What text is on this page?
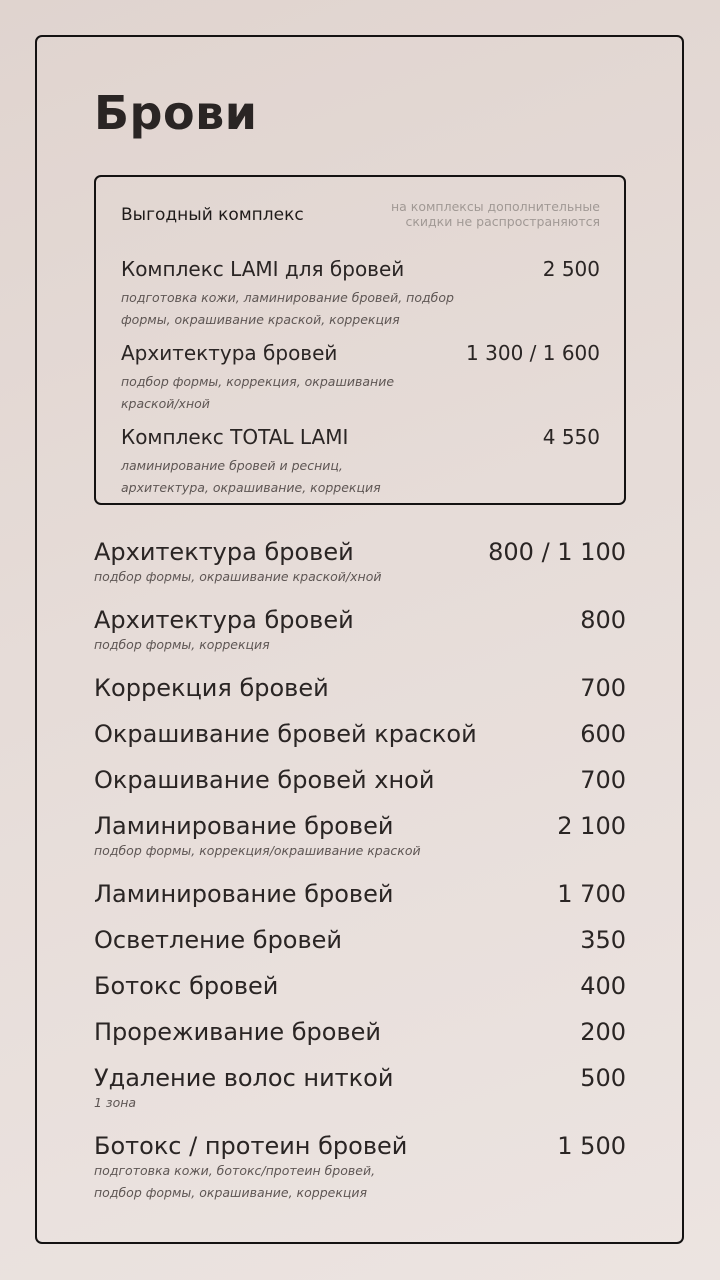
Брови
Выгодный комплекс	на комплексы дополнительные скидки не распространяются
Комплекс LAMI для бровей	2 500
подготовка кожи, ламинирование бровей, подбор формы, окрашивание краской, коррекция
Архитектура бровей	1 300 / 1 600
подбор формы, коррекция, окрашивание краской/хной
Комплекс TOTAL LAMI	4 550
ламинирование бровей и ресниц, архитектура, окрашивание, коррекция
Архитектура бровей	800 / 1 100
подбор формы, окрашивание краской/хной
Архитектура бровей	800
подбор формы, коррекция
Коррекция бровей	700
Окрашивание бровей краской	600
Окрашивание бровей хной	700
Ламинирование бровей	2 100
подбор формы, коррекция/окрашивание краской
Ламинирование бровей	1 700
Осветление бровей	350
Ботокс бровей	400
Прореживание бровей	200
Удаление волос ниткой	500
1 зона
Ботокс / протеин бровей	1 500
подготовка кожи, ботокс/протеин бровей, подбор формы, окрашивание, коррекция
